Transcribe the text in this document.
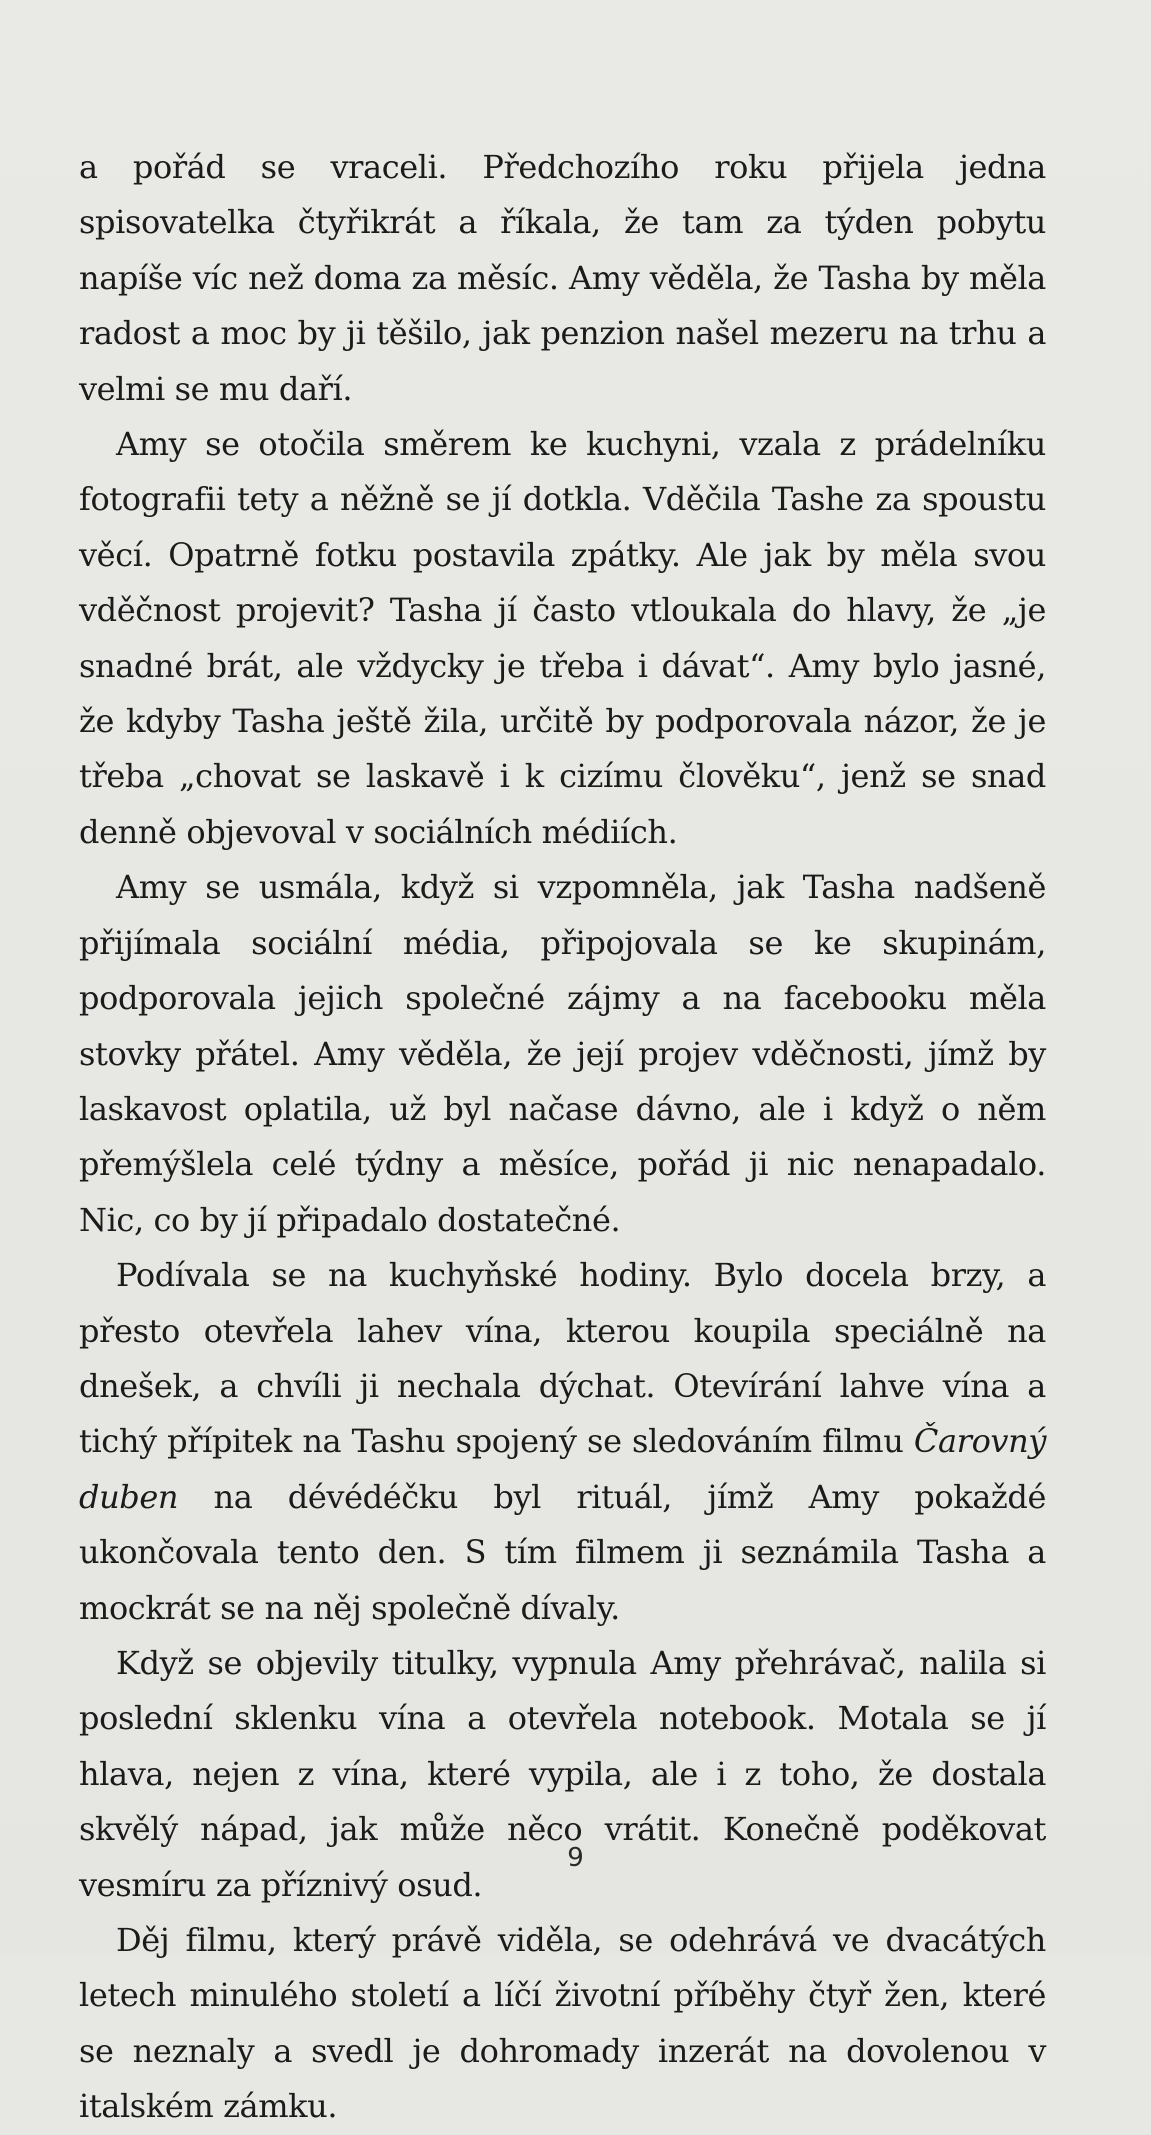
a pořád se vraceli. Předchozího roku přijela jedna spisovatelka čtyřikrát a říkala, že tam za týden pobytu napíše víc než doma za měsíc. Amy věděla, že Tasha by měla radost a moc by ji těšilo, jak penzion našel mezeru na trhu a velmi se mu daří.

Amy se otočila směrem ke kuchyni, vzala z prádelníku fotografii tety a něžně se jí dotkla. Vděčila Tashe za spoustu věcí. Opatrně fotku postavila zpátky. Ale jak by měla svou vděčnost projevit? Tasha jí často vtloukala do hlavy, že „je snadné brát, ale vždycky je třeba i dávat“. Amy bylo jasné, že kdyby Tasha ještě žila, určitě by podporovala názor, že je třeba „chovat se laskavě i k cizímu člověku“, jenž se snad denně objevoval v sociálních médiích.

Amy se usmála, když si vzpomněla, jak Tasha nadšeně přijímala sociální média, připojovala se ke skupinám, podporovala jejich společné zájmy a na facebooku měla stovky přátel. Amy věděla, že její projev vděčnosti, jímž by laskavost oplatila, už byl načase dávno, ale i když o něm přemýšlela celé týdny a měsíce, pořád ji nic nenapadalo. Nic, co by jí připadalo dostatečné.

Podívala se na kuchyňské hodiny. Bylo docela brzy, a přesto otevřela lahev vína, kterou koupila speciálně na dnešek, a chvíli ji nechala dýchat. Otevírání lahve vína a tichý přípitek na Tashu spojený se sledováním filmu Čarovný duben na dévédéčku byl rituál, jímž Amy pokaždé ukončovala tento den. S tím filmem ji seznámila Tasha a mockrát se na něj společně dívaly.

Když se objevily titulky, vypnula Amy přehrávač, nalila si poslední sklenku vína a otevřela notebook. Motala se jí hlava, nejen z vína, které vypila, ale i z toho, že dostala skvělý nápad, jak může něco vrátit. Konečně poděkovat vesmíru za příznivý osud.

Děj filmu, který právě viděla, se odehrává ve dvacátých letech minulého století a líčí životní příběhy čtyř žen, které se neznaly a svedl je dohromady inzerát na dovolenou v italském zámku.

9
